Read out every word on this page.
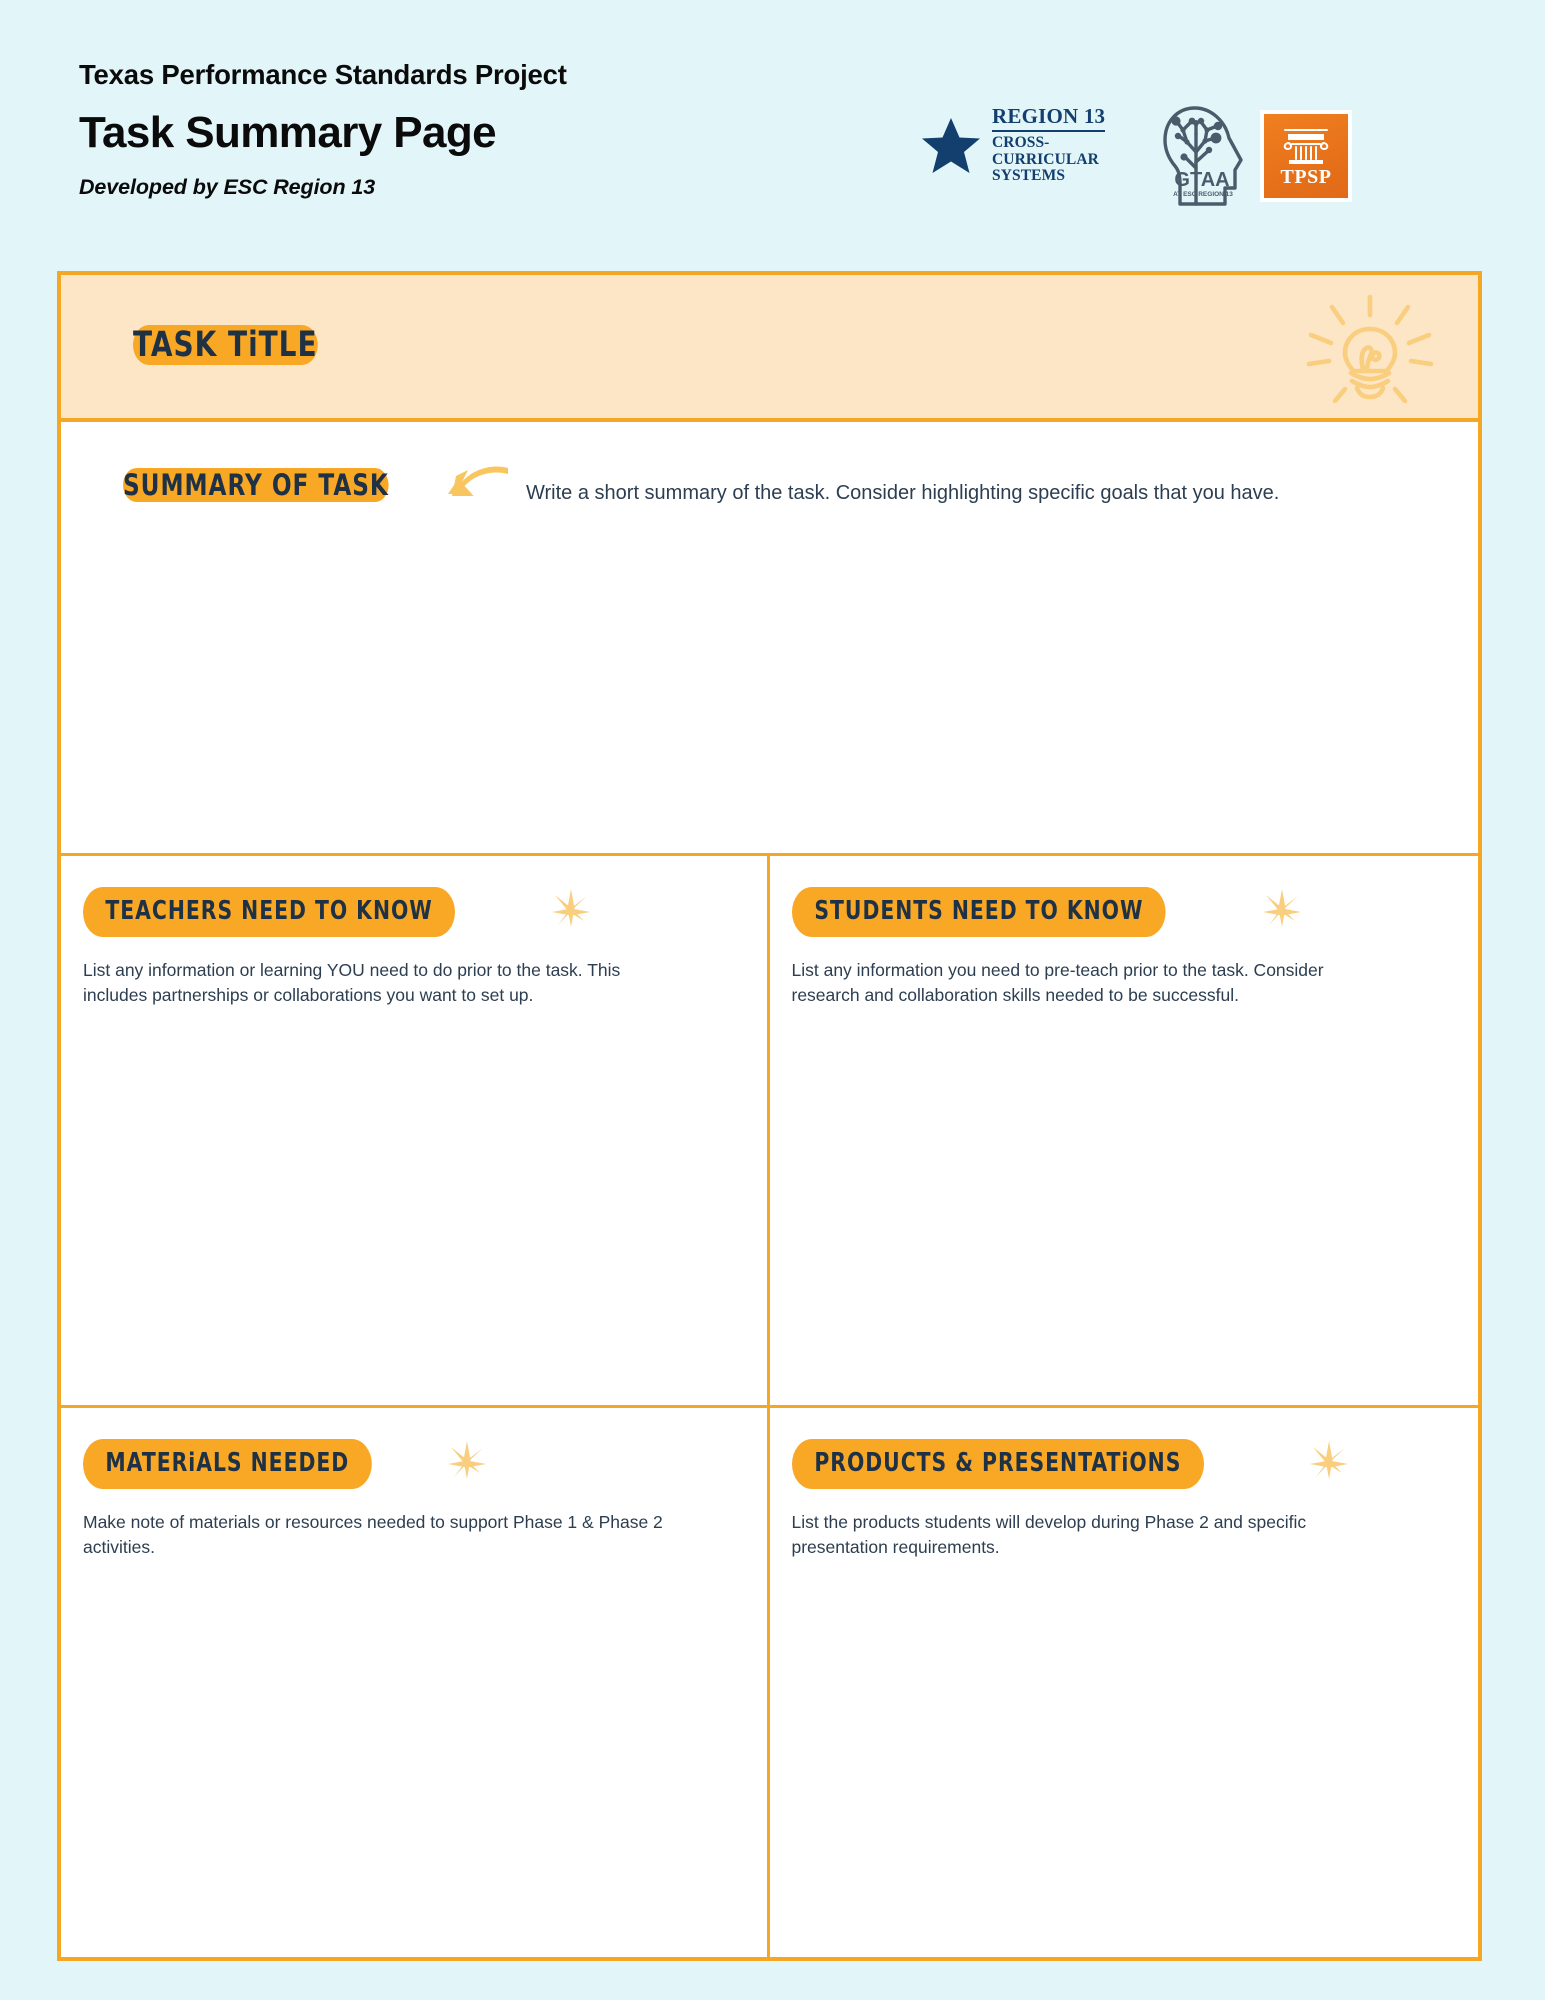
Texas Performance Standards Project
Task Summary Page
Developed by ESC Region 13
REGION 13
CROSS-
CURRICULAR
SYSTEMS	GTAA
AT ESC REGION 13
TPSP
TASK TiTLE
SUMMARY OF TASK	Write a short summary of the task. Consider highlighting specific goals that you have.
TEACHERS NEED TO KNOW
List any information or learning YOU need to do prior to the task. This includes partnerships or collaborations you want to set up.
STUDENTS NEED TO KNOW
List any information you need to pre-teach prior to the task. Consider research and collaboration skills needed to be successful.
MATERiALS NEEDED
Make note of materials or resources needed to support Phase 1 & Phase 2 activities.
PRODUCTS & PRESENTATiONS
List the products students will develop during Phase 2 and specific presentation requirements.
